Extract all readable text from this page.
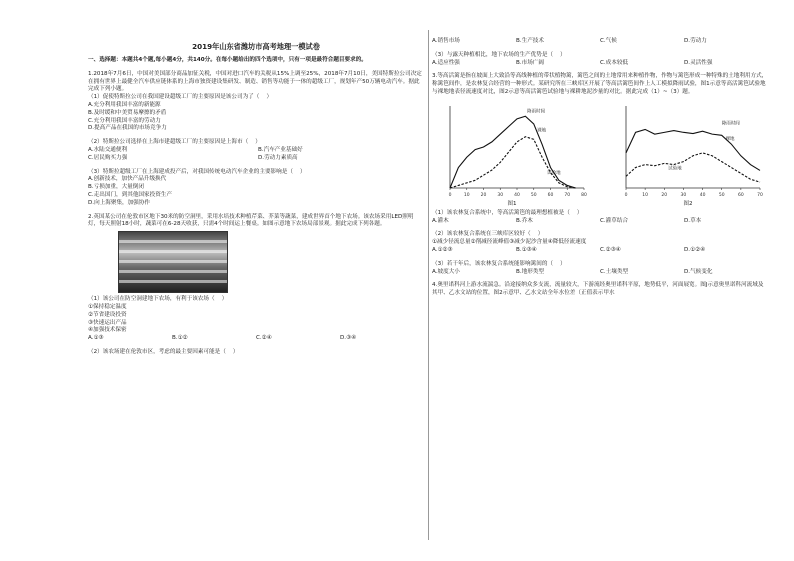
2019年山东省潍坊市高考地理一模试卷

一、选择题：本题共4个题,每小题4分，共140分。在每小题给出的四个选项中，只有一项是最符合题目要求的。

1.2018年7月6日，中国对美国部分商品加征关税，中国对进口汽车的关税从15%上调至25%，2018年7月10日，美国特斯拉公司决定在拥有世界上最健全汽车供应链体系的上海市独资建设集研发、制造、销售等功能于一体的超级工厂，规划年产50万辆电动汽车。据此完成下列小题。

（1）促使特斯拉公司在我国建设超级工厂的主要原因是该公司为了（    ）

A.充分利用我国丰富的新能源

B.及时缓和中美贸易摩擦的矛盾

C.充分利用我国丰富的劳动力

D.提高产品在我国的市场竞争力

（2）特斯拉公司选择在上海市建超级工厂的主要原因是上海市（    ）

A.水陆交通便利	B.汽车产业基础好
C.居民购买力强	D.劳动力素质高

（3）特斯拉超级工厂在上海建成投产后，对我国传统电动汽车企业的主要影响是（    ）

A.创新技术，加快产品升级换代

B.亏损加重，大量倒闭

C.走出国门，到其他国家投资生产

D.向上海聚集，加强协作

2.英国某公司在伦敦市区地下30米的防空洞里，采用水培技术种植芹菜、芥菜等蔬菜，建成世界首个地下农场。该农场采用LED照明灯，每天照射18小时，蔬菜可在6-28天收获，只需4个时间运上餐桌。如图示意地下农场局部景观。据此完成下列各题。

（1）该公司在防空洞建地下农场，有利于该农场（    ）

①保持稳定温度

②节省建设投资

③快速运出产品

④加强技术保密

A.①③	B.①②	C.②④	D.③④

（2）该农场建在伦敦市区，考虑的最主要因素可能是（    ）

A.销售市场	B.生产技术	C.气候	D.劳动力

（3）与露天种植相比，地下农场的生产优势是（    ）

A.适应性强	B.市场广阔	C.成本较低	D.灵活性强

3.等高活篱是指在坡面上大致沿等高线种植的带状植物篱，篱笆之间的土地常用来种植作物，作物与篱笆形成一种特殊的土地利用方式，称篱笆间作，是农林复合经营的一种形式。某研究所在三峡库区开展了等高活篱笆间作上人工模拟降雨试验，图1示意等高活篱笆试验地与裸地地表径流速度对比，图2示意等高活篱笆试验地与裸耕地泥沙量的对比。据此完成（1）~（3）题。

0	10 20 30 40 50 60 70 80
降雨时间
裸地
试验地
图1
0	10	20	30	40	50	60	70
降雨时间
裸地
试验地
图2

（1）该农林复合系统中，等高活篱笆的最理想植被是（    ）

A.灌木	B.乔木	C.灌草结合	D.草本

（2）该农林复合系统在三峡库区较好（    ）

①减少径流总量②削减径流峰值③减少泥沙含量④降低径流速度

A.①②③	B.①③④	C.②③④	D.①②④

（3）若干年后，该农林复合系统能影响篱间的（    ）

A.坡度大小	B.地形类型	C.土壤类型	D.气候变化

4.奥里诺科河上游水流湍急。沿途接纳众多支流，流量较大，下游流经奥里诺科平原，地势低平，河面展宽。图J示意奥里诺科河流域及其甲、乙水文站的位置，图2示意甲、乙水文站全年水位差（正值表示甲水
